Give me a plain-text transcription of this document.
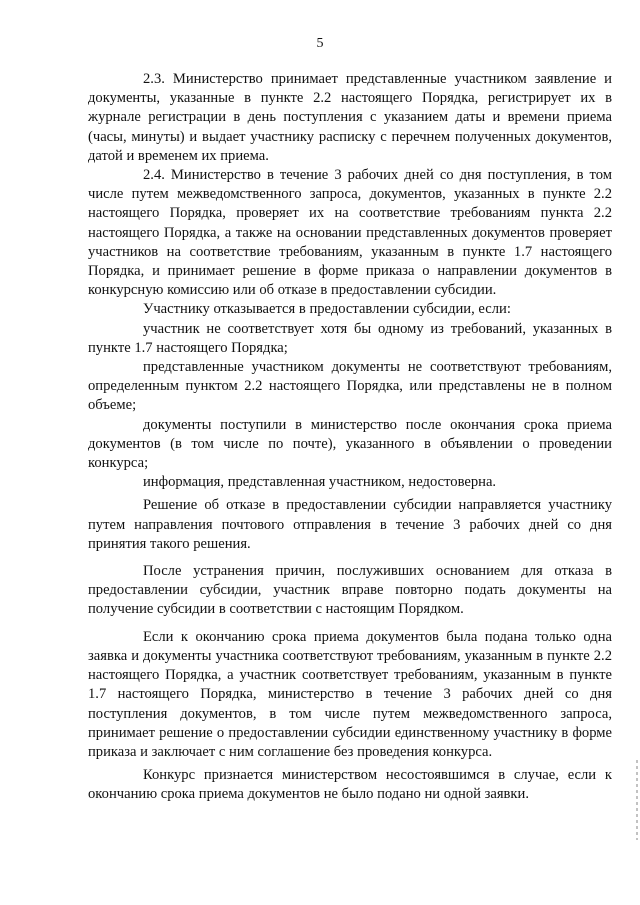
5

2.3. Министерство принимает представленные участником заявление и документы, указанные в пункте 2.2 настоящего Порядка, регистрирует их в журнале регистрации в день поступления с указанием даты и времени приема (часы, минуты) и выдает участнику расписку с перечнем полученных документов, датой и временем их приема.

2.4. Министерство в течение 3 рабочих дней со дня поступления, в том числе путем межведомственного запроса, документов, указанных в пункте 2.2 настоящего Порядка, проверяет их на соответствие требованиям пункта 2.2 настоящего Порядка, а также на основании представленных документов проверяет участников на соответствие требованиям, указанным в пункте 1.7 настоящего Порядка, и принимает решение в форме приказа о направлении документов в конкурсную комиссию или об отказе в предоставлении субсидии.

Участнику отказывается в предоставлении субсидии, если:

участник не соответствует хотя бы одному из требований, указанных в пункте 1.7 настоящего Порядка;

представленные участником документы не соответствуют требованиям, определенным пунктом 2.2 настоящего Порядка, или представлены не в полном объеме;

документы поступили в министерство после окончания срока приема документов (в том числе по почте), указанного в объявлении о проведении конкурса;

информация, представленная участником, недостоверна.

Решение об отказе в предоставлении субсидии направляется участнику путем направления почтового отправления в течение 3 рабочих дней со дня принятия такого решения.

После устранения причин, послуживших основанием для отказа в предоставлении субсидии, участник вправе повторно подать документы на получение субсидии в соответствии с настоящим Порядком.

Если к окончанию срока приема документов была подана только одна заявка и документы участника соответствуют требованиям, указанным в пункте 2.2 настоящего Порядка, а участник соответствует требованиям, указанным в пункте 1.7 настоящего Порядка, министерство в течение 3 рабочих дней со дня поступления документов, в том числе путем межведомственного запроса, принимает решение о предоставлении субсидии единственному участнику в форме приказа и заключает с ним соглашение без проведения конкурса.

Конкурс признается министерством несостоявшимся в случае, если к окончанию срока приема документов не было подано ни одной заявки.
